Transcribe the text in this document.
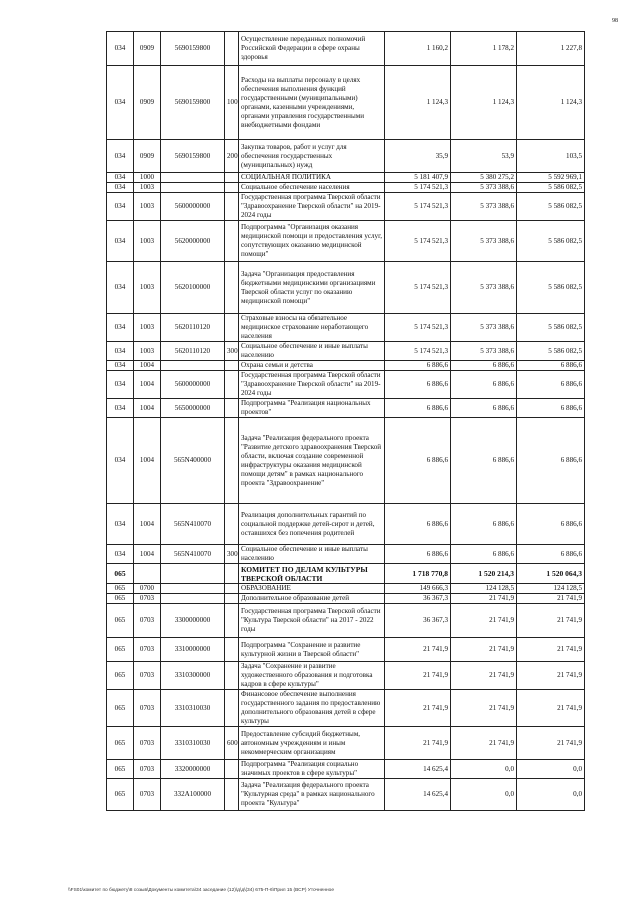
98
034	0909	5690159800		Осуществление переданных полномочий Российской Федерации в сфере охраны здоровья	1 160,2	1 178,2	1 227,8
034	0909	5690159800	100	Расходы на выплаты персоналу в целях обеспечения выполнения функций государственными (муниципальными) органами, казенными учреждениями, органами управления государственными внебюджетными фондами	1 124,3	1 124,3	1 124,3
034	0909	5690159800	200	Закупка товаров, работ и услуг для обеспечения государственных (муниципальных) нужд	35,9	53,9	103,5
034	1000			СОЦИАЛЬНАЯ ПОЛИТИКА	5 181 407,9	5 380 275,2	5 592 969,1
034	1003			Социальное обеспечение населения	5 174 521,3	5 373 388,6	5 586 082,5
034	1003	5600000000		Государственная программа Тверской области "Здравоохранение Тверской области" на 2019-2024 годы	5 174 521,3	5 373 388,6	5 586 082,5
034	1003	5620000000		Подпрограмма "Организация оказания медицинской помощи и предоставления услуг, сопутствующих оказанию медицинской помощи"	5 174 521,3	5 373 388,6	5 586 082,5
034	1003	5620100000		Задача "Организация предоставления бюджетными медицинскими организациями Тверской области услуг по оказанию медицинской помощи"	5 174 521,3	5 373 388,6	5 586 082,5
034	1003	5620110120		Страховые взносы на обязательное медицинское страхование неработающего населения	5 174 521,3	5 373 388,6	5 586 082,5
034	1003	5620110120	300	Социальное обеспечение и иные выплаты населению	5 174 521,3	5 373 388,6	5 586 082,5
034	1004			Охрана семьи и детства	6 886,6	6 886,6	6 886,6
034	1004	5600000000		Государственная программа Тверской области "Здравоохранение Тверской области" на 2019-2024 годы	6 886,6	6 886,6	6 886,6
034	1004	5650000000		Подпрограмма "Реализация национальных проектов"	6 886,6	6 886,6	6 886,6
034	1004	565N400000		Задача "Реализация федерального проекта "Развитие детского здравоохранения Тверской области, включая создание современной инфраструктуры оказания медицинской помощи детям" в рамках национального проекта "Здравоохранение"	6 886,6	6 886,6	6 886,6
034	1004	565N410070		Реализация дополнительных гарантий по социальной поддержке детей-сирот и детей, оставшихся без попечения родителей	6 886,6	6 886,6	6 886,6
034	1004	565N410070	300	Социальное обеспечение и иные выплаты населению	6 886,6	6 886,6	6 886,6
065				КОМИТЕТ ПО ДЕЛАМ КУЛЬТУРЫ ТВЕРСКОЙ ОБЛАСТИ	1 718 770,8	1 520 214,3	1 520 064,3
065	0700			ОБРАЗОВАНИЕ	149 666,3	124 128,5	124 128,5
065	0703			Дополнительное образование детей	36 367,3	21 741,9	21 741,9
065	0703	3300000000		Государственная программа Тверской области "Культура Тверской области" на 2017 - 2022 годы	36 367,3	21 741,9	21 741,9
065	0703	3310000000		Подпрограмма "Сохранение и развитие культурной жизни в Тверской области"	21 741,9	21 741,9	21 741,9
065	0703	3310300000		Задача "Сохранение и развитие художественного образования и подготовка кадров в сфере культуры"	21 741,9	21 741,9	21 741,9
065	0703	3310310030		Финансовое обеспечение выполнения государственного задания по предоставлению дополнительного образования детей в сфере культуры	21 741,9	21 741,9	21 741,9
065	0703	3310310030	600	Предоставление субсидий бюджетным, автономным учреждениям и иным некоммерческим организациям	21 741,9	21 741,9	21 741,9
065	0703	3320000000		Подпрограмма "Реализация социально значимых проектов в сфере культуры"	14 625,4	0,0	0,0
065	0703	332A100000		Задача "Реализация федерального проекта "Культурная среда" в рамках национального проекта "Культура"	14 625,4	0,0	0,0
\\FS01\комитет по бюджету\8 созыв\Документы комитета\34 заседание (12)\д\д\(34) 675-П-6\Прил 15 (ВСР) Уточненное
